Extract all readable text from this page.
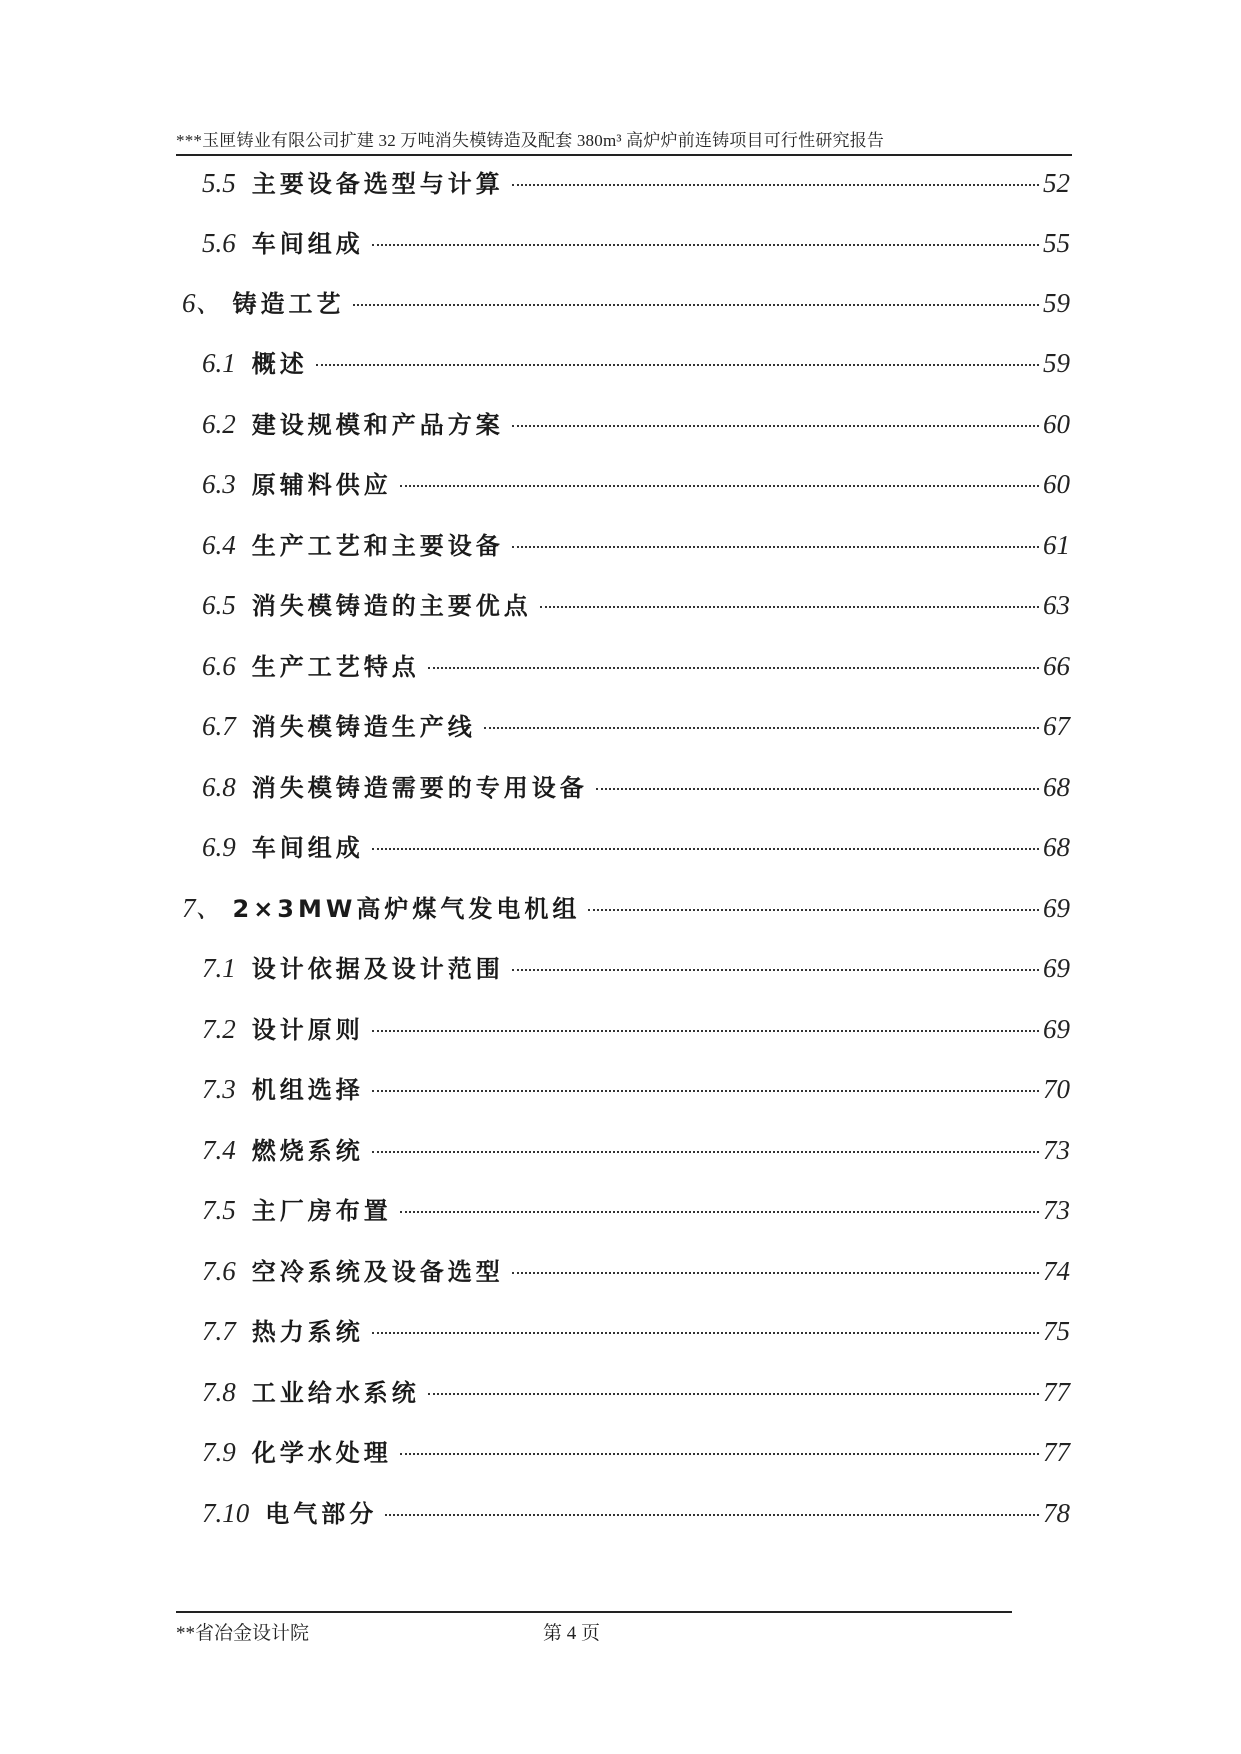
***玉匣铸业有限公司扩建 32 万吨消失模铸造及配套 380m³ 高炉炉前连铸项目可行性研究报告
5.5 主要设备选型与计算	52
5.6 车间组成	55
6、 铸造工艺	59
6.1 概述	59
6.2 建设规模和产品方案	60
6.3 原辅料供应	60
6.4 生产工艺和主要设备	61
6.5 消失模铸造的主要优点	63
6.6 生产工艺特点	66
6.7 消失模铸造生产线	67
6.8 消失模铸造需要的专用设备	68
6.9 车间组成	68
7、 2×3MW高炉煤气发电机组	69
7.1 设计依据及设计范围	69
7.2 设计原则	69
7.3 机组选择	70
7.4 燃烧系统	73
7.5 主厂房布置	73
7.6 空冷系统及设备选型	74
7.7 热力系统	75
7.8 工业给水系统	77
7.9 化学水处理	77
7.10 电气部分	78
**省冶金设计院	第 4 页
